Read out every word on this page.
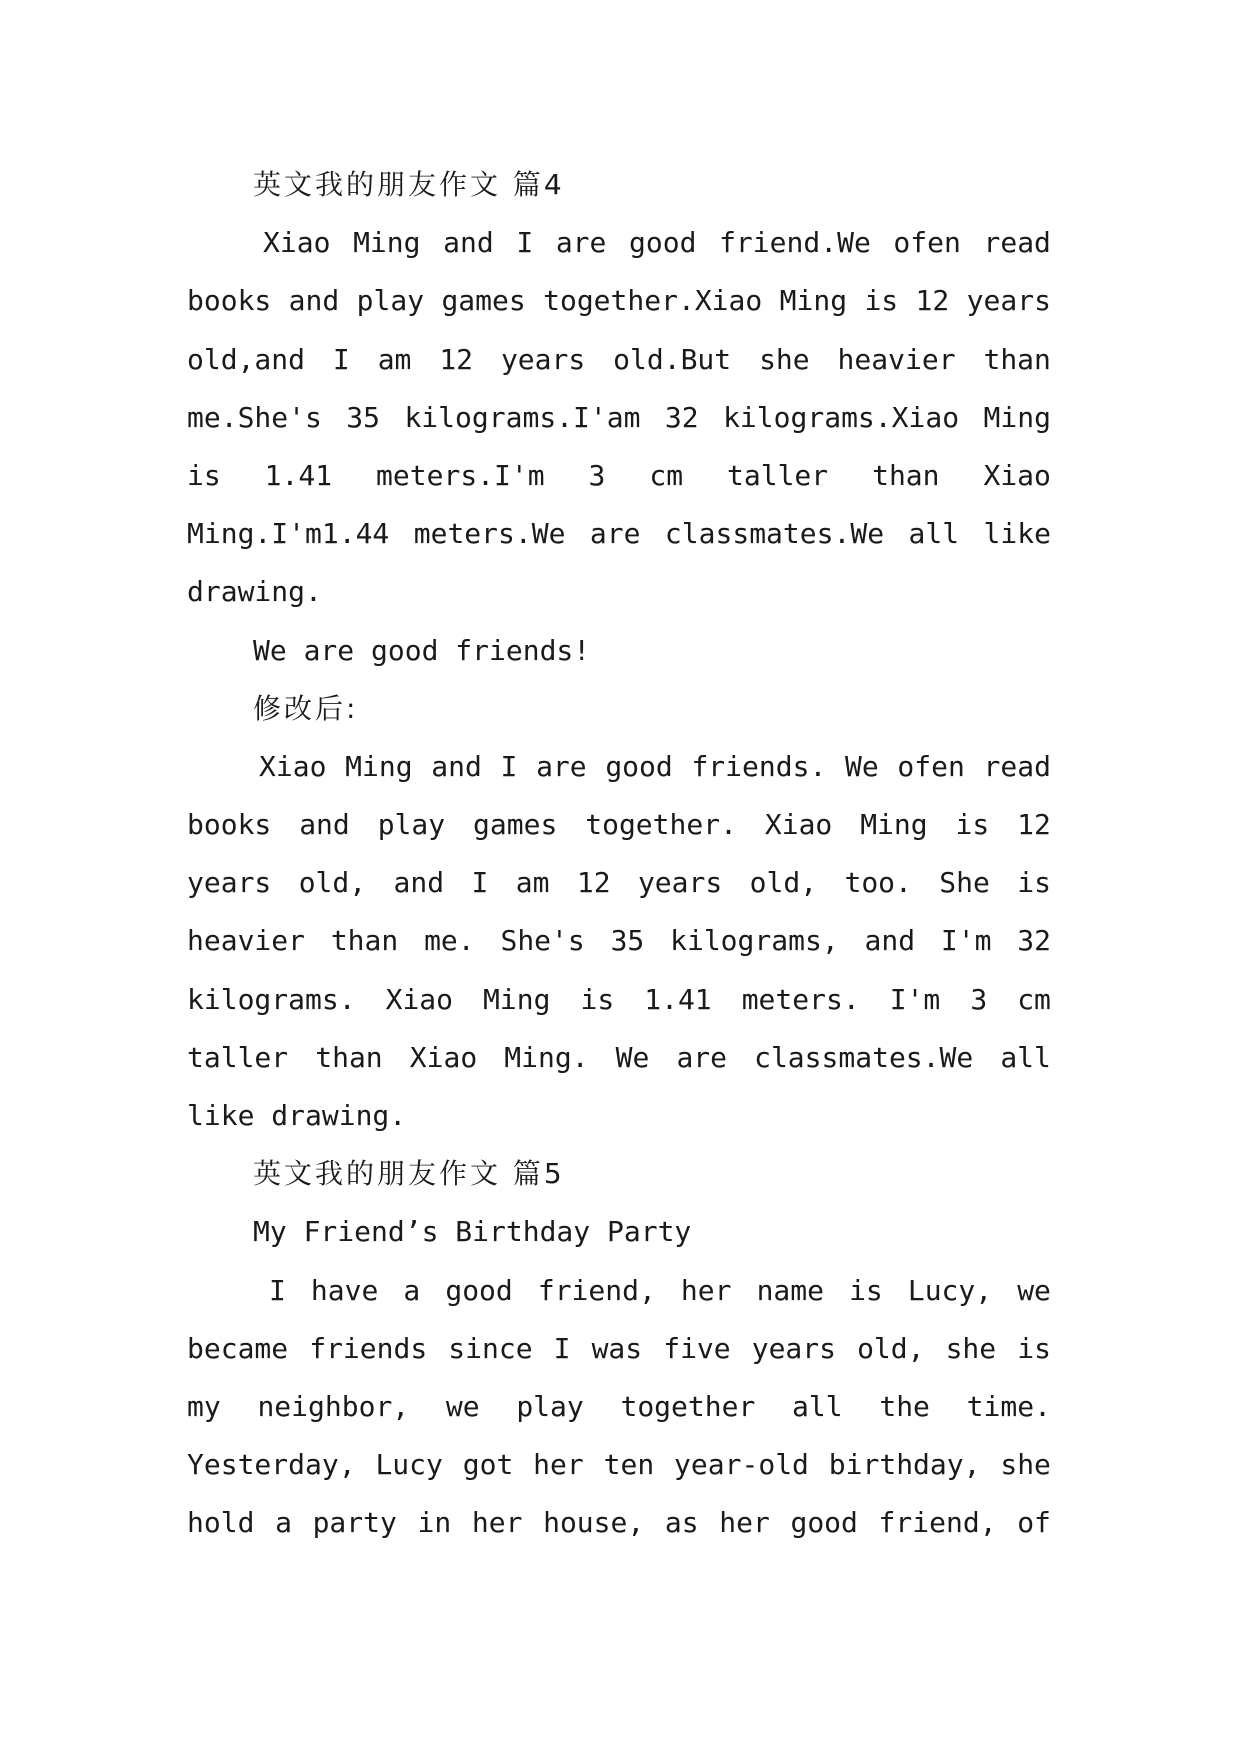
英文我的朋友作文 篇4
Xiao Ming and I are good friend.We ofen read
books and play games together.Xiao Ming is 12 years
old,and I am 12 years old.But she heavier than
me.She's 35 kilograms.I'am 32 kilograms.Xiao Ming
is 1.41 meters.I'm 3 cm taller than Xiao
Ming.I'm1.44 meters.We are classmates.We all like
drawing.
We are good friends!
修改后:
Xiao Ming and I are good friends. We ofen read
books and play games together. Xiao Ming is 12
years old, and I am 12 years old, too. She is
heavier than me. She's 35 kilograms, and I'm 32
kilograms. Xiao Ming is 1.41 meters. I'm 3 cm
taller than Xiao Ming. We are classmates.We all
like drawing.
英文我的朋友作文 篇5
My Friend’s Birthday Party
I have a good friend, her name is Lucy, we
became friends since I was five years old, she is
my neighbor, we play together all the time.
Yesterday, Lucy got her ten year-old birthday, she
hold a party in her house, as her good friend, of
